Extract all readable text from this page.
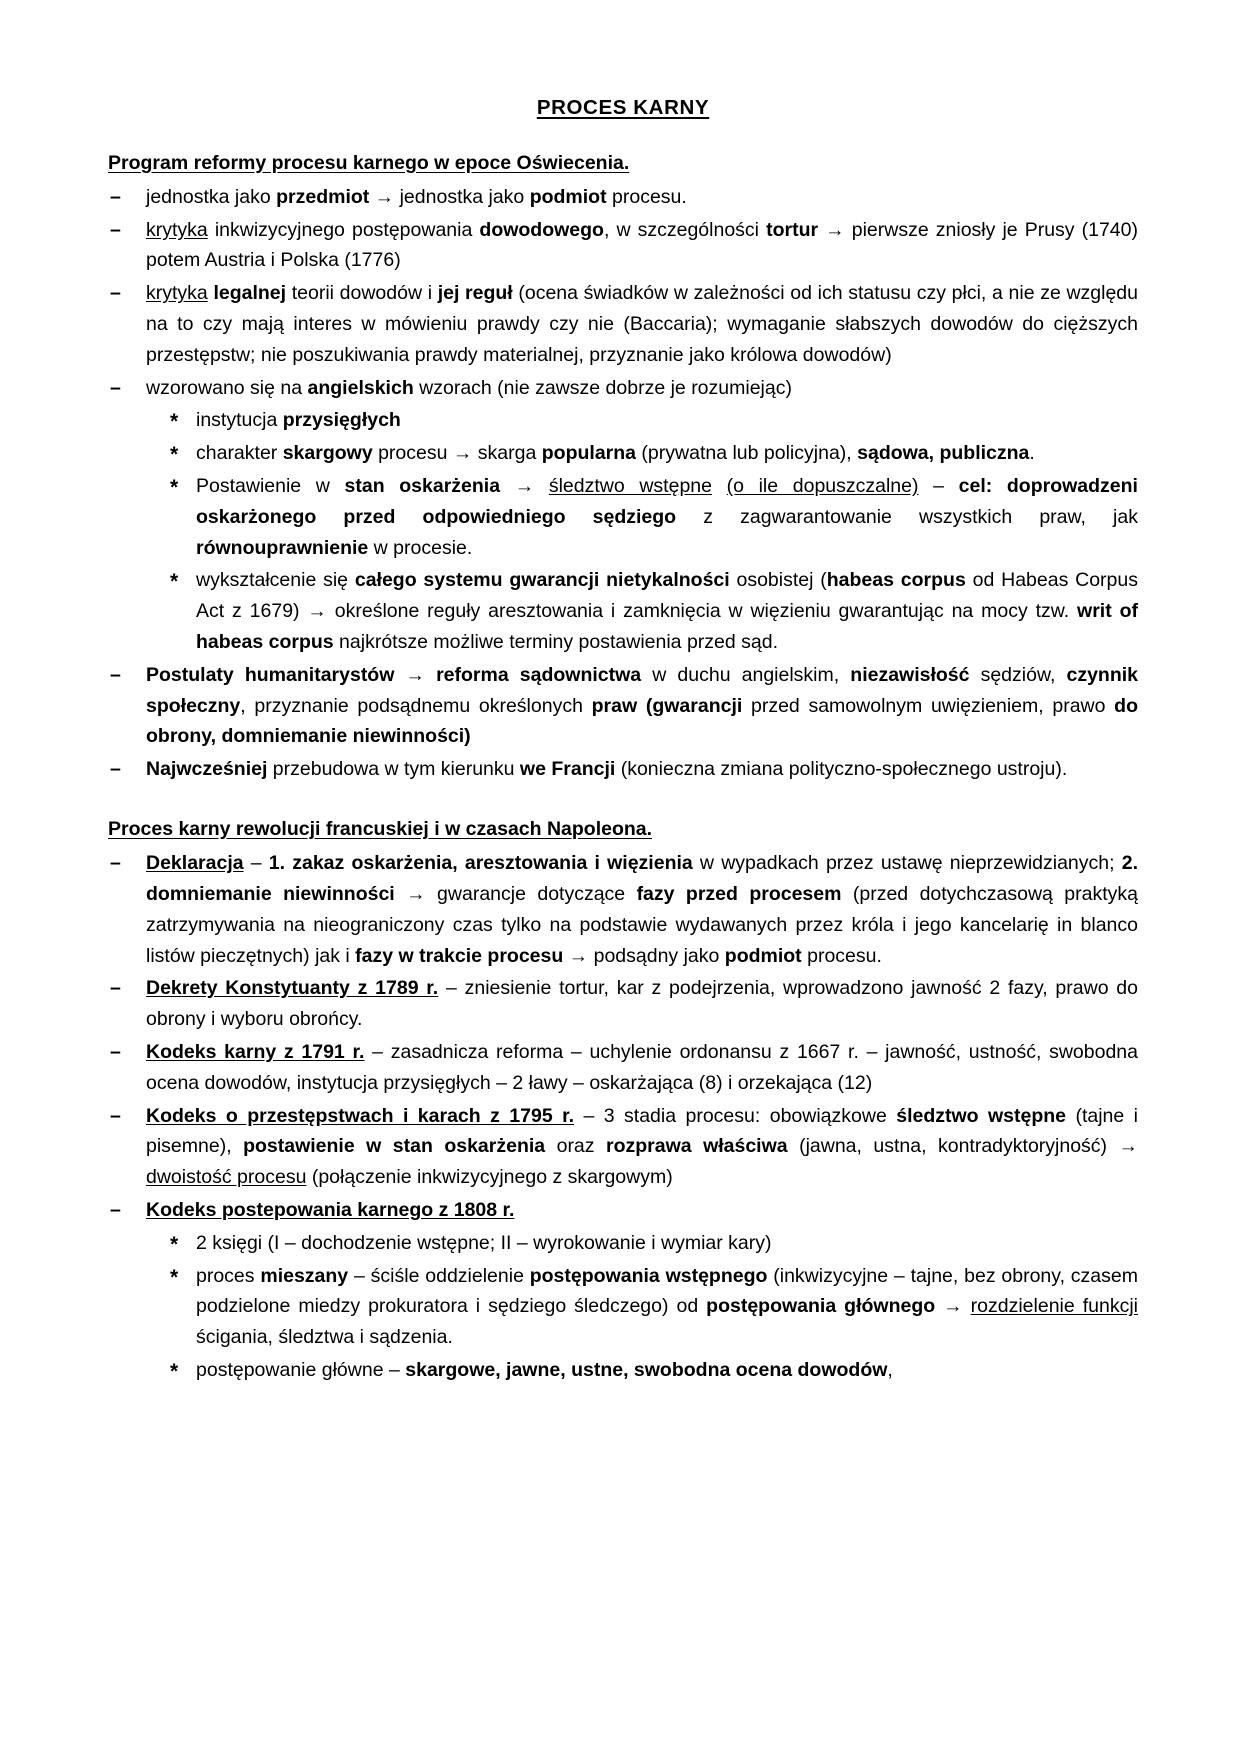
PROCES KARNY
Program reformy procesu karnego w epoce Oświecenia.
– jednostka jako przedmiot → jednostka jako podmiot procesu.
– krytyka inkwizycyjnego postępowania dowodowego, w szczególności tortur → pierwsze zniosły je Prusy (1740) potem Austria i Polska (1776)
– krytyka legalnej teorii dowodów i jej reguł (ocena świadków w zależności od ich statusu czy płci, a nie ze względu na to czy mają interes w mówieniu prawdy czy nie (Baccaria); wymaganie słabszych dowodów do cięższych przestępstw; nie poszukiwania prawdy materialnej, przyznanie jako królowa dowodów)
– wzorowano się na angielskich wzorach (nie zawsze dobrze je rozumiejąc)
* instytucja przysięgłych
* charakter skargowy procesu → skarga popularna (prywatna lub policyjna), sądowa, publiczna.
* Postawienie w stan oskarżenia → śledztwo wstępne (o ile dopuszczalne) – cel: doprowadzeni oskarżonego przed odpowiedniego sędziego z zagwarantowanie wszystkich praw, jak równouprawnienie w procesie.
* wykształcenie się całego systemu gwarancji nietykalności osobistej (habeas corpus od Habeas Corpus Act z 1679) → określone reguły aresztowania i zamknięcia w więzieniu gwarantując na mocy tzw. writ of habeas corpus najkrótsze możliwe terminy postawienia przed sąd.
– Postulaty humanitarystów → reforma sądownictwa w duchu angielskim, niezawisłość sędziów, czynnik społeczny, przyznanie podsądnemu określonych praw (gwarancji przed samowolnym uwięzieniem, prawo do obrony, domniemanie niewinności)
– Najwcześniej przebudowa w tym kierunku we Francji (konieczna zmiana polityczno-społecznego ustroju).
Proces karny rewolucji francuskiej i w czasach Napoleona.
– Deklaracja – 1. zakaz oskarżenia, aresztowania i więzienia w wypadkach przez ustawę nieprzewidzianych; 2. domniemanie niewinności → gwarancje dotyczące fazy przed procesem (przed dotychczasową praktyką zatrzymywania na nieograniczony czas tylko na podstawie wydawanych przez króla i jego kancelarię in blanco listów pieczętnych) jak i fazy w trakcie procesu → podsądny jako podmiot procesu.
– Dekrety Konstytuanty z 1789 r. – zniesienie tortur, kar z podejrzenia, wprowadzono jawność 2 fazy, prawo do obrony i wyboru obrońcy.
– Kodeks karny z 1791 r. – zasadnicza reforma – uchylenie ordonansu z 1667 r. – jawność, ustność, swobodna ocena dowodów, instytucja przysięgłych – 2 ławy – oskarżająca (8) i orzekająca (12)
– Kodeks o przestępstwach i karach z 1795 r. – 3 stadia procesu: obowiązkowe śledztwo wstępne (tajne i pisemne), postawienie w stan oskarżenia oraz rozprawa właściwa (jawna, ustna, kontradyktoryjność) → dwoistość procesu (połączenie inkwizycyjnego z skargowym)
– Kodeks postepowania karnego z 1808 r.
* 2 księgi (I – dochodzenie wstępne; II – wyrokowanie i wymiar kary)
* proces mieszany – ściśle oddzielenie postępowania wstępnego (inkwizycyjne – tajne, bez obrony, czasem podzielone miedzy prokuratora i sędziego śledczego) od postępowania głównego → rozdzielenie funkcji ścigania, śledztwa i sądzenia.
* postępowanie główne – skargowe, jawne, ustne, swobodna ocena dowodów,
